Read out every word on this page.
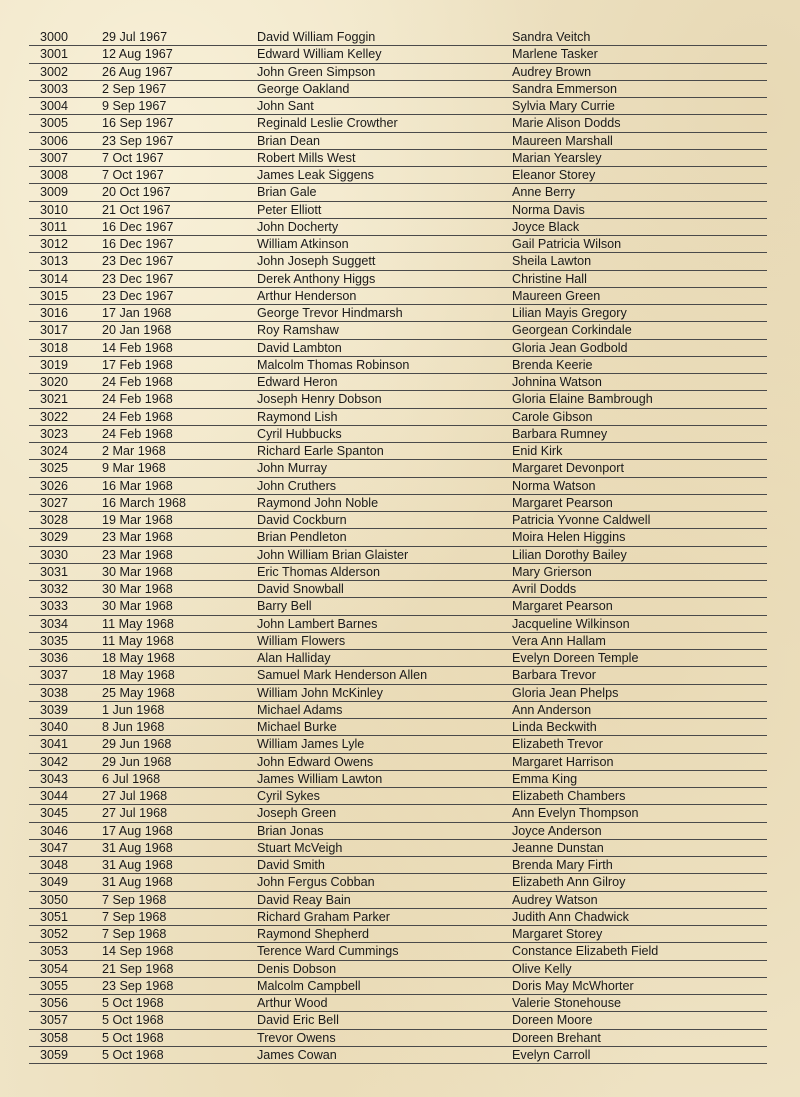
3000	29 Jul 1967	David William Foggin	Sandra Veitch
3001	12 Aug 1967	Edward William Kelley	Marlene Tasker
3002	26 Aug 1967	John Green Simpson	Audrey Brown
3003	2 Sep 1967	George Oakland	Sandra Emmerson
3004	9 Sep 1967	John Sant	Sylvia Mary Currie
3005	16 Sep 1967	Reginald Leslie Crowther	Marie Alison Dodds
3006	23 Sep 1967	Brian Dean	Maureen Marshall
3007	7 Oct 1967	Robert Mills West	Marian Yearsley
3008	7 Oct 1967	James Leak Siggens	Eleanor Storey
3009	20 Oct 1967	Brian Gale	Anne Berry
3010	21 Oct 1967	Peter Elliott	Norma Davis
3011	16 Dec 1967	John Docherty	Joyce Black
3012	16 Dec 1967	William Atkinson	Gail Patricia Wilson
3013	23 Dec 1967	John Joseph Suggett	Sheila Lawton
3014	23 Dec 1967	Derek Anthony Higgs	Christine Hall
3015	23 Dec 1967	Arthur Henderson	Maureen Green
3016	17 Jan 1968	George Trevor Hindmarsh	Lilian Mayis Gregory
3017	20 Jan 1968	Roy Ramshaw	Georgean Corkindale
3018	14 Feb 1968	David Lambton	Gloria Jean Godbold
3019	17 Feb 1968	Malcolm Thomas Robinson	Brenda Keerie
3020	24 Feb 1968	Edward Heron	Johnina Watson
3021	24 Feb 1968	Joseph Henry Dobson	Gloria Elaine Bambrough
3022	24 Feb 1968	Raymond Lish	Carole Gibson
3023	24 Feb 1968	Cyril Hubbucks	Barbara Rumney
3024	2 Mar 1968	Richard Earle Spanton	Enid Kirk
3025	9 Mar 1968	John Murray	Margaret Devonport
3026	16 Mar 1968	John Cruthers	Norma Watson
3027	16 March 1968	Raymond John Noble	Margaret Pearson
3028	19 Mar 1968	David Cockburn	Patricia Yvonne Caldwell
3029	23 Mar 1968	Brian Pendleton	Moira Helen Higgins
3030	23 Mar 1968	John William Brian Glaister	Lilian Dorothy Bailey
3031	30 Mar 1968	Eric Thomas Alderson	Mary Grierson
3032	30 Mar 1968	David Snowball	Avril Dodds
3033	30 Mar 1968	Barry Bell	Margaret Pearson
3034	11 May 1968	John Lambert Barnes	Jacqueline Wilkinson
3035	11 May 1968	William Flowers	Vera Ann Hallam
3036	18 May 1968	Alan Halliday	Evelyn Doreen Temple
3037	18 May 1968	Samuel Mark Henderson Allen	Barbara Trevor
3038	25 May 1968	William John McKinley	Gloria Jean Phelps
3039	1 Jun 1968	Michael Adams	Ann Anderson
3040	8 Jun 1968	Michael Burke	Linda Beckwith
3041	29 Jun 1968	William James Lyle	Elizabeth Trevor
3042	29 Jun 1968	John Edward Owens	Margaret Harrison
3043	6 Jul 1968	James William Lawton	Emma King
3044	27 Jul 1968	Cyril Sykes	Elizabeth Chambers
3045	27 Jul 1968	Joseph Green	Ann Evelyn Thompson
3046	17 Aug 1968	Brian Jonas	Joyce Anderson
3047	31 Aug 1968	Stuart McVeigh	Jeanne Dunstan
3048	31 Aug 1968	David Smith	Brenda Mary Firth
3049	31 Aug 1968	John Fergus Cobban	Elizabeth Ann Gilroy
3050	7 Sep 1968	David Reay Bain	Audrey Watson
3051	7 Sep 1968	Richard Graham Parker	Judith Ann Chadwick
3052	7 Sep 1968	Raymond Shepherd	Margaret Storey
3053	14 Sep 1968	Terence Ward Cummings	Constance Elizabeth Field
3054	21 Sep 1968	Denis Dobson	Olive Kelly
3055	23 Sep 1968	Malcolm Campbell	Doris May McWhorter
3056	5 Oct 1968	Arthur Wood	Valerie Stonehouse
3057	5 Oct 1968	David Eric Bell	Doreen Moore
3058	5 Oct 1968	Trevor Owens	Doreen Brehant
3059	5 Oct 1968	James Cowan	Evelyn Carroll
